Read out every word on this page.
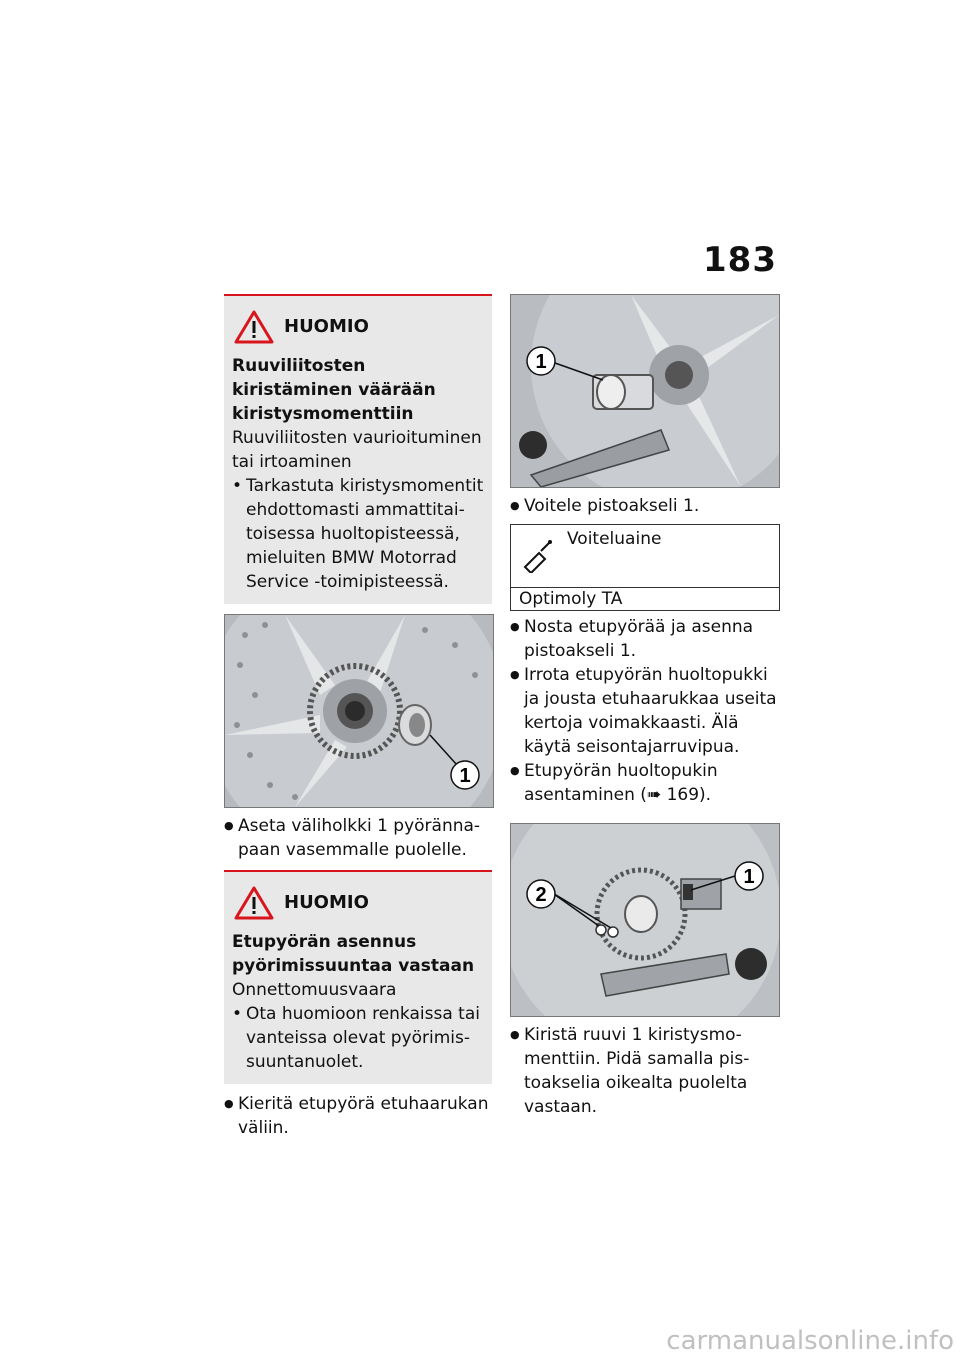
183
HUOMIO
Ruuviliitosten kiristäminen väärään kiristysmomenttiin
Ruuviliitosten vaurioituminen tai irtoaminen
• Tarkastuta kiristysmomentit ehdottomasti ammattitaitoisessa huoltopisteessä, mieluiten BMW Motorrad Service -toimipisteessä.
1
● Aseta väliholkki 1 pyörännapaan vasemmalle puolelle.
HUOMIO
Etupyörän asennus pyörimissuuntaa vastaan
Onnettomuusvaara
• Ota huomioon renkaissa tai vanteissa olevat pyörimissuuntanuolet.
● Kieritä etupyörä etuhaarukan väliin.
1
● Voitele pistoakseli 1.
Voiteluaine
Optimoly TA
● Nosta etupyörää ja asenna pistoakseli 1.
● Irrota etupyörän huoltopukki ja jousta etuhaarukkaa useita kertoja voimakkaasti. Älä käytä seisontajarruvipua.
● Etupyörän huoltopukin asentaminen (➠ 169).
2
1
● Kiristä ruuvi 1 kiristysmomenttiin. Pidä samalla pistoakselia oikealta puolelta vastaan.
carmanualsonline.info
